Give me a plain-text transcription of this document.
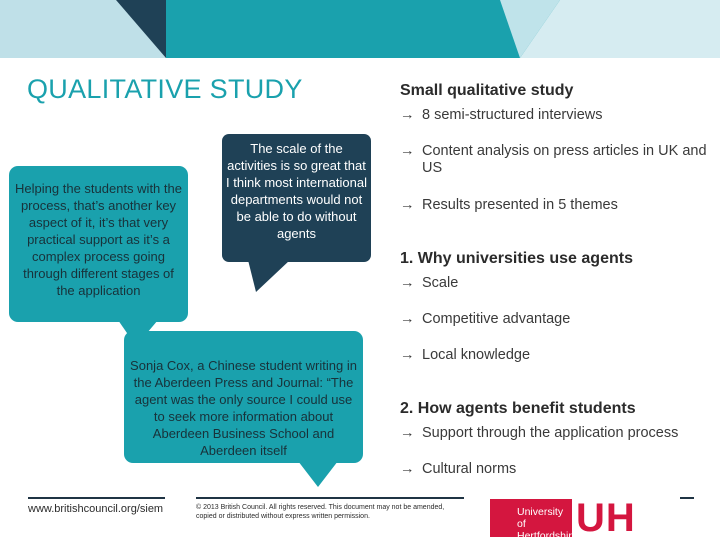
QUALITATIVE STUDY
Helping the students with the process, that’s another key aspect of it, it’s that very practical support as it’s a complex process going through different stages of the application
The scale of the activities is so great that I think most international departments would not be able to do without agents
Sonja Cox, a Chinese student writing in the Aberdeen Press and Journal: “The agent was the only source I could use to seek more information about Aberdeen Business School and Aberdeen itself
Small qualitative study
→ 8 semi-structured interviews
→ Content analysis on press articles in UK and US
→ Results presented in 5 themes
1. Why universities use agents
→ Scale
→ Competitive advantage
→ Local knowledge
2. How agents benefit students
→ Support through the application process
→ Cultural norms
www.britishcouncil.org/siem	© 2013 British Council. All rights reserved. This document may not be amended, copied or distributed without express written permission.	University of
Hertfordshire
UH
